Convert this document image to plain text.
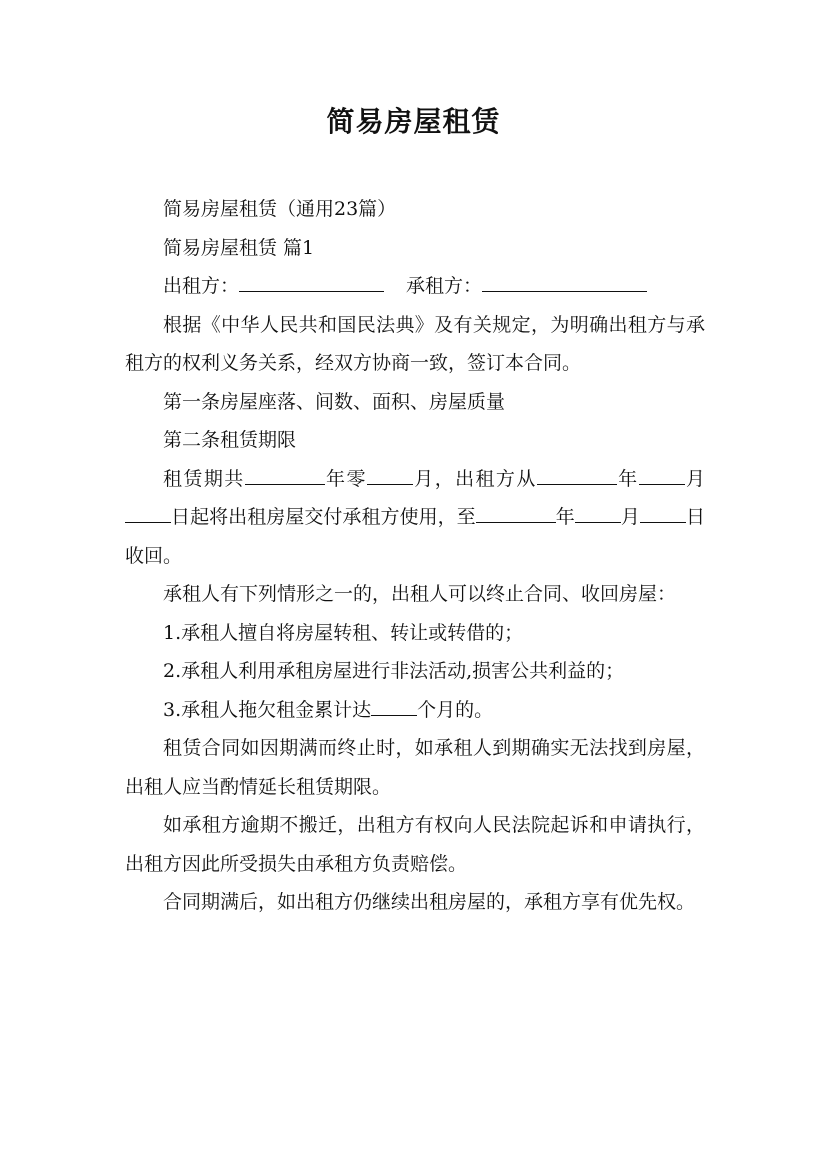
简易房屋租赁

简易房屋租赁（通用23篇）

简易房屋租赁 篇1

出租方：	承租方：

根据《中华人民共和国民法典》及有关规定，为明确出租方与承租方的权利义务关系，经双方协商一致，签订本合同。

第一条房屋座落、间数、面积、房屋质量

第二条租赁期限

租赁期共	年零 月，出租方从	年 月日起将出租房屋交付承租方使用，至	年 月 日收回。

承租人有下列情形之一的，出租人可以终止合同、收回房屋：

1.承租人擅自将房屋转租、转让或转借的；

2.承租人利用承租房屋进行非法活动,损害公共利益的；

3.承租人拖欠租金累计达 个月的。

租赁合同如因期满而终止时，如承租人到期确实无法找到房屋，出租人应当酌情延长租赁期限。

如承租方逾期不搬迁，出租方有权向人民法院起诉和申请执行，出租方因此所受损失由承租方负责赔偿。

合同期满后，如出租方仍继续出租房屋的，承租方享有优先权。
